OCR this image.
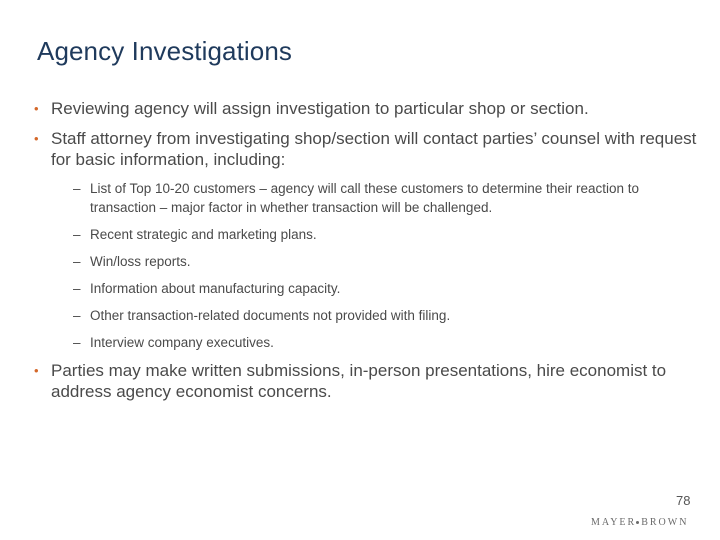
Agency Investigations
• Reviewing agency will assign investigation to particular shop or section.
• Staff attorney from investigating shop/section will contact parties’ counsel with request for basic information, including:
– List of Top 10-20 customers – agency will call these customers to determine their reaction to transaction – major factor in whether transaction will be challenged.
– Recent strategic and marketing plans.
– Win/loss reports.
– Information about manufacturing capacity.
– Other transaction-related documents not provided with filing.
– Interview company executives.
• Parties may make written submissions, in-person presentations, hire economist to address agency economist concerns.
78
MAYER BROWN
